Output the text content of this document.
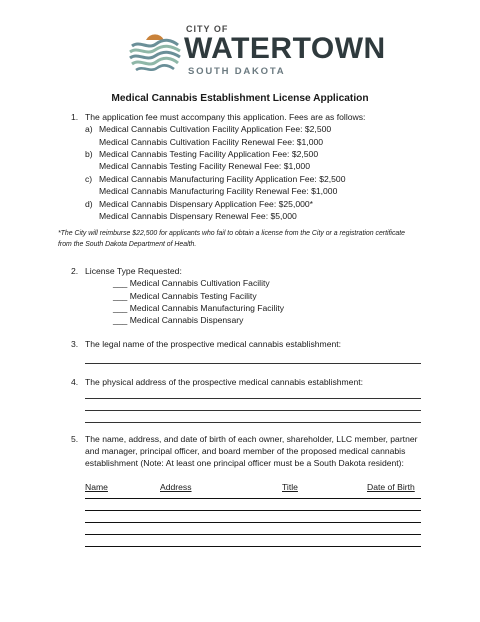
CITY OF
WATERTOWN
SOUTH DAKOTA
Medical Cannabis Establishment License Application
1. The application fee must accompany this application. Fees are as follows:
a) Medical Cannabis Cultivation Facility Application Fee: $2,500
Medical Cannabis Cultivation Facility Renewal Fee: $1,000
b) Medical Cannabis Testing Facility Application Fee: $2,500
Medical Cannabis Testing Facility Renewal Fee: $1,000
c) Medical Cannabis Manufacturing Facility Application Fee: $2,500
Medical Cannabis Manufacturing Facility Renewal Fee: $1,000
d) Medical Cannabis Dispensary Application Fee: $25,000*
Medical Cannabis Dispensary Renewal Fee: $5,000
*The City will reimburse $22,500 for applicants who fail to obtain a license from the City or a registration certificate
from the South Dakota Department of Health.
2. License Type Requested:
___ Medical Cannabis Cultivation Facility
___ Medical Cannabis Testing Facility
___ Medical Cannabis Manufacturing Facility
___ Medical Cannabis Dispensary
3. The legal name of the prospective medical cannabis establishment:
4. The physical address of the prospective medical cannabis establishment:
5. The name, address, and date of birth of each owner, shareholder, LLC member, partner
and manager, principal officer, and board member of the proposed medical cannabis
establishment (Note: At least one principal officer must be a South Dakota resident):
Name	Address	Title	Date of Birth
